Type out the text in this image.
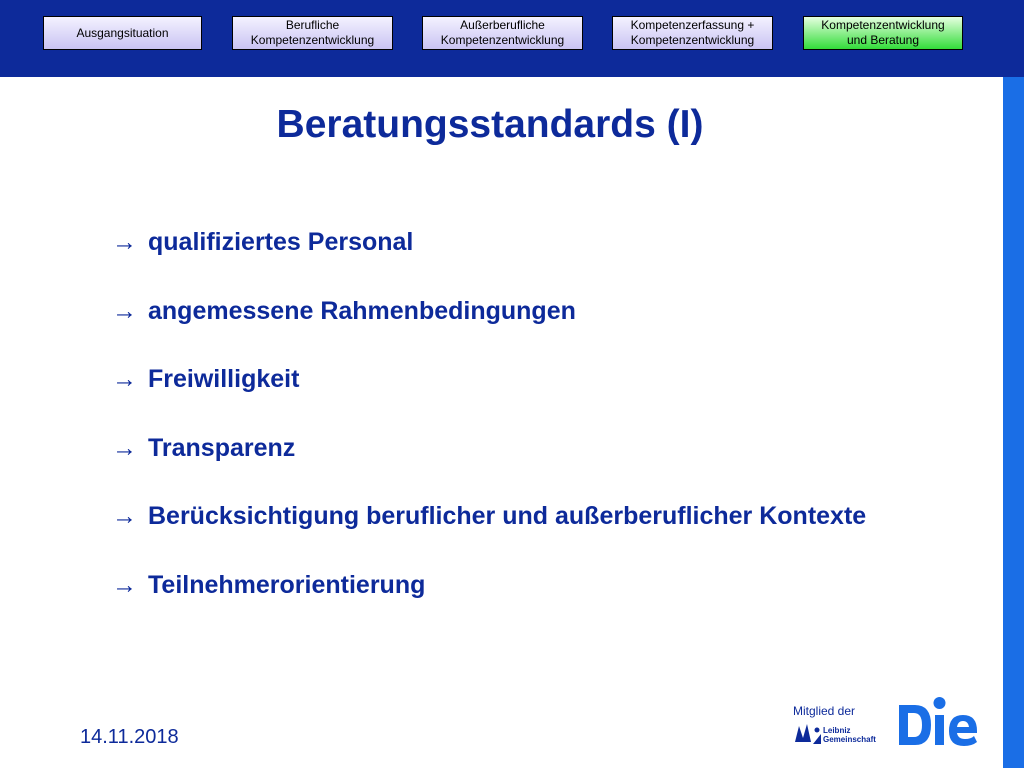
Ausgangsituation
Berufliche
Kompetenzentwicklung
Außerberufliche
Kompetenzentwicklung
Kompetenzerfassung +
Kompetenzentwicklung
Kompetenzentwicklung
und Beratung
Beratungsstandards (I)
→ qualifiziertes Personal
→ angemessene Rahmenbedingungen
→ Freiwilligkeit
→ Transparenz
→ Berücksichtigung beruflicher und außerberuflicher Kontexte
→ Teilnehmerorientierung
14.11.2018
Mitglied der
Leibniz
Gemeinschaft
